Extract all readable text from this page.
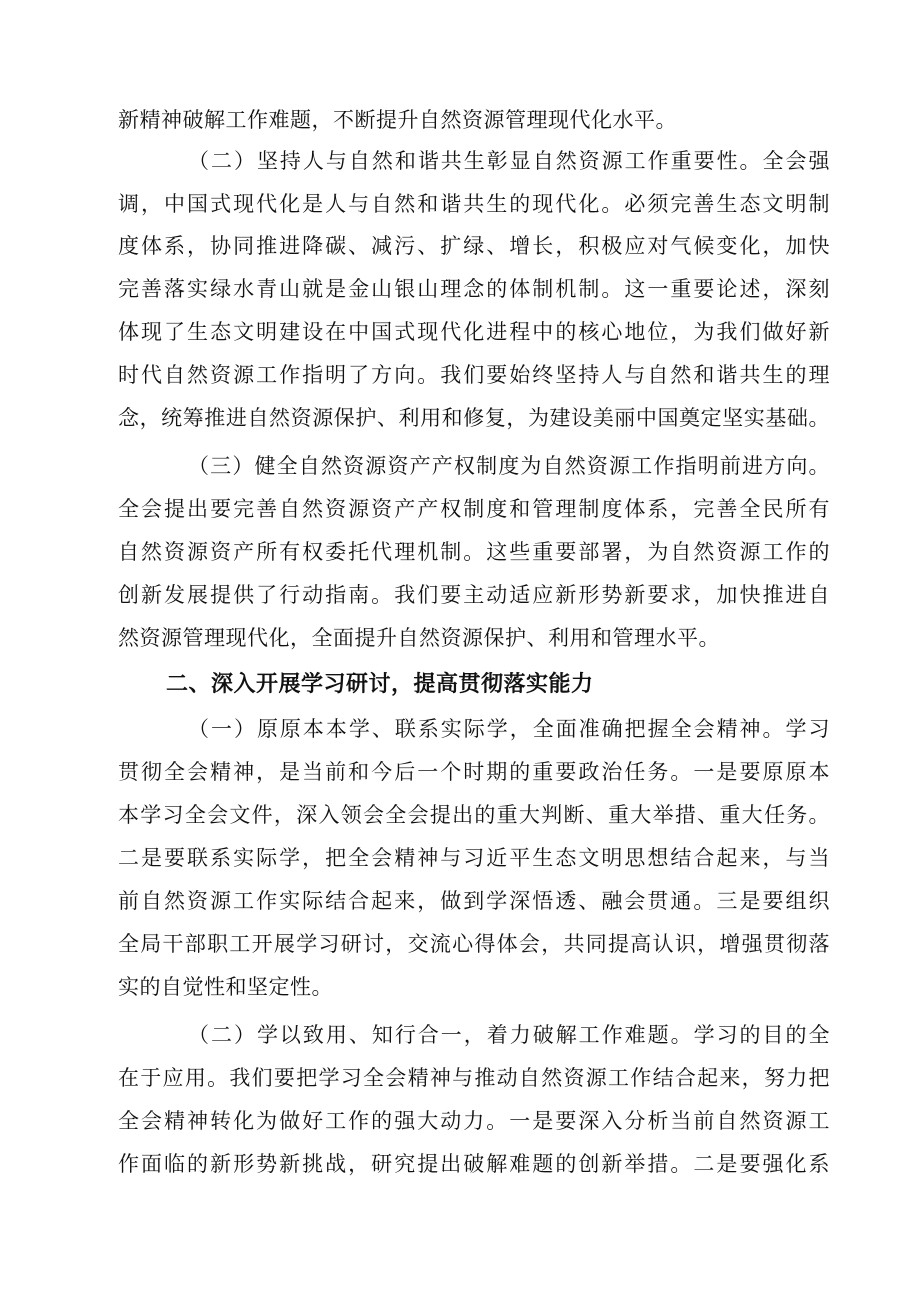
新精神破解工作难题，不断提升自然资源管理现代化水平。
（二）坚持人与自然和谐共生彰显自然资源工作重要性。全会强
调，中国式现代化是人与自然和谐共生的现代化。必须完善生态文明制
度体系，协同推进降碳、减污、扩绿、增长，积极应对气候变化，加快
完善落实绿水青山就是金山银山理念的体制机制。这一重要论述，深刻
体现了生态文明建设在中国式现代化进程中的核心地位，为我们做好新
时代自然资源工作指明了方向。我们要始终坚持人与自然和谐共生的理
念，统筹推进自然资源保护、利用和修复，为建设美丽中国奠定坚实基础。
（三）健全自然资源资产产权制度为自然资源工作指明前进方向。
全会提出要完善自然资源资产产权制度和管理制度体系，完善全民所有
自然资源资产所有权委托代理机制。这些重要部署，为自然资源工作的
创新发展提供了行动指南。我们要主动适应新形势新要求，加快推进自
然资源管理现代化，全面提升自然资源保护、利用和管理水平。
二、深入开展学习研讨，提高贯彻落实能力
（一）原原本本学、联系实际学，全面准确把握全会精神。学习
贯彻全会精神，是当前和今后一个时期的重要政治任务。一是要原原本
本学习全会文件，深入领会全会提出的重大判断、重大举措、重大任务。
二是要联系实际学，把全会精神与习近平生态文明思想结合起来，与当
前自然资源工作实际结合起来，做到学深悟透、融会贯通。三是要组织
全局干部职工开展学习研讨，交流心得体会，共同提高认识，增强贯彻落
实的自觉性和坚定性。
（二）学以致用、知行合一，着力破解工作难题。学习的目的全
在于应用。我们要把学习全会精神与推动自然资源工作结合起来，努力把
全会精神转化为做好工作的强大动力。一是要深入分析当前自然资源工
作面临的新形势新挑战，研究提出破解难题的创新举措。二是要强化系
